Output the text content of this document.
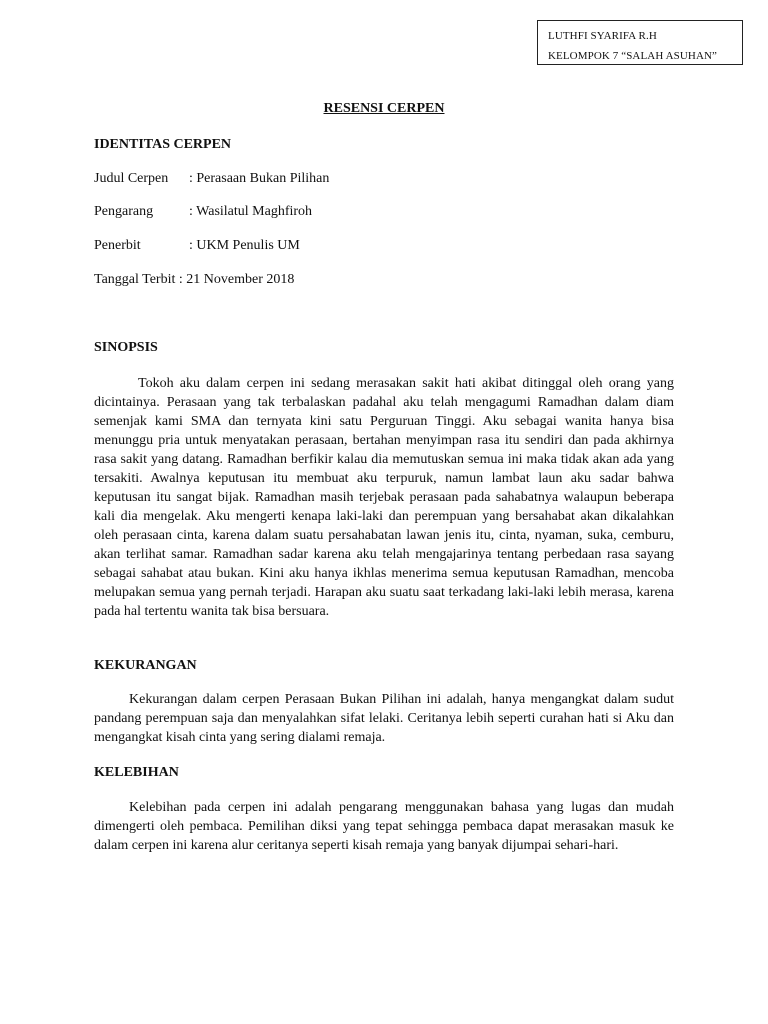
LUTHFI SYARIFA R.H
KELOMPOK 7 “SALAH ASUHAN”
RESENSI CERPEN
IDENTITAS CERPEN
Judul Cerpen : Perasaan Bukan Pilihan
Pengarang	: Wasilatul Maghfiroh
Penerbit	: UKM Penulis UM
Tanggal Terbit : 21 November 2018
SINOPSIS
Tokoh aku dalam cerpen ini sedang merasakan sakit hati akibat ditinggal oleh orang yang dicintainya. Perasaan yang tak terbalaskan padahal aku telah mengagumi Ramadhan dalam diam semenjak kami SMA dan ternyata kini satu Perguruan Tinggi. Aku sebagai wanita hanya bisa menunggu pria untuk menyatakan perasaan, bertahan menyimpan rasa itu sendiri dan pada akhirnya rasa sakit yang datang. Ramadhan berfikir kalau dia memutuskan semua ini maka tidak akan ada yang tersakiti. Awalnya keputusan itu membuat aku terpuruk, namun lambat laun aku sadar bahwa keputusan itu sangat bijak. Ramadhan masih terjebak perasaan pada sahabatnya walaupun beberapa kali dia mengelak. Aku mengerti kenapa laki-laki dan perempuan yang bersahabat akan dikalahkan oleh perasaan cinta, karena dalam suatu persahabatan lawan jenis itu, cinta, nyaman, suka, cemburu, akan terlihat samar. Ramadhan sadar karena aku telah mengajarinya tentang perbedaan rasa sayang sebagai sahabat atau bukan. Kini aku hanya ikhlas menerima semua keputusan Ramadhan, mencoba melupakan semua yang pernah terjadi. Harapan aku suatu saat terkadang laki-laki lebih merasa, karena pada hal tertentu wanita tak bisa bersuara.
KEKURANGAN
Kekurangan dalam cerpen Perasaan Bukan Pilihan ini adalah, hanya mengangkat dalam sudut pandang perempuan saja dan menyalahkan sifat lelaki. Ceritanya lebih seperti curahan hati si Aku dan mengangkat kisah cinta yang sering dialami remaja.
KELEBIHAN
Kelebihan pada cerpen ini adalah pengarang menggunakan bahasa yang lugas dan mudah dimengerti oleh pembaca. Pemilihan diksi yang tepat sehingga pembaca dapat merasakan masuk ke dalam cerpen ini karena alur ceritanya seperti kisah remaja yang banyak dijumpai sehari-hari.
